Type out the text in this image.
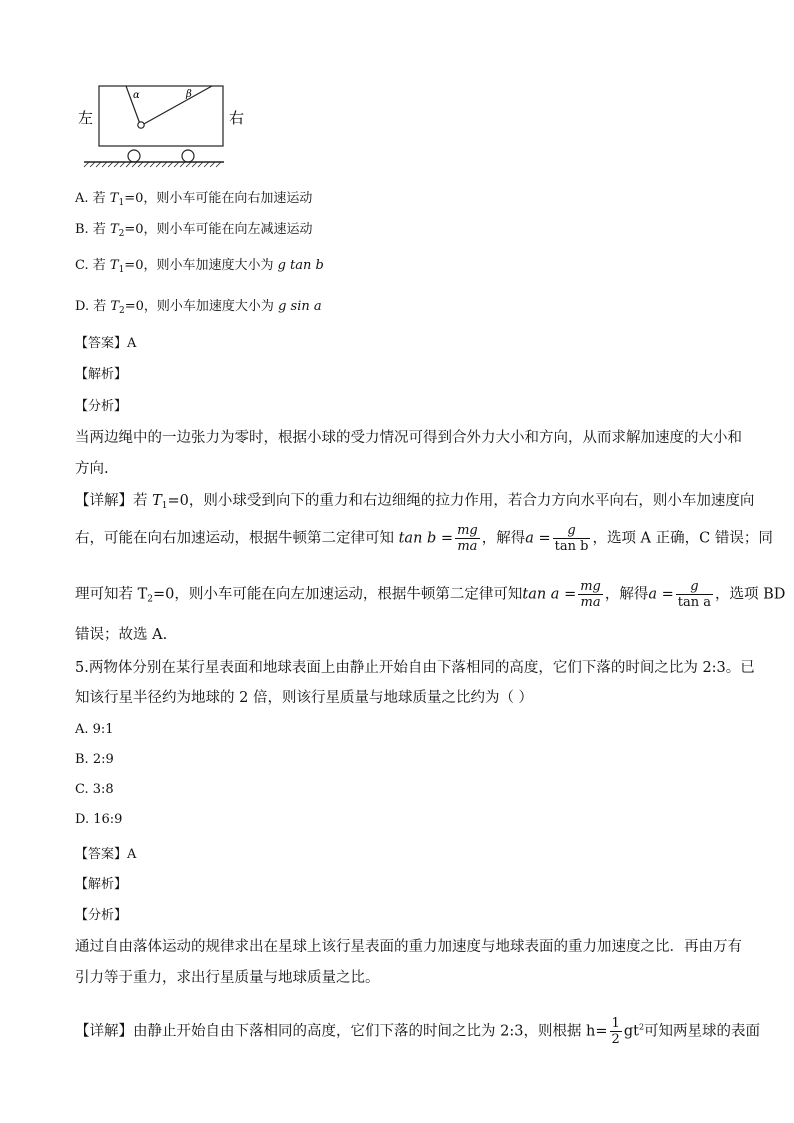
α	β
左	右
A. 若 $T_1=0$，则小车可能在向右加速运动
B. 若 $T_2=0$，则小车可能在向左减速运动
C. 若 $T_1=0$，则小车加速度大小为 g tan b
D. 若 $T_2=0$，则小车加速度大小为 g sin a
【答案】A
【解析】
【分析】
当两边绳中的一边张力为零时，根据小球的受力情况可得到合外力大小和方向，从而求解加速度的大小和
方向.
【详解】若 $T_1=0$，则小球受到向下的重力和右边细绳的拉力作用，若合力方向水平向右，则小车加速度向
右，可能在向右加速运动，根据牛顿第二定律可知 $\tan b = \frac{mg}{ma}$ ，解得$a = \frac{g}{\text{tan b}}$ ，选项 A 正确，C 错误；同
理可知若 $T_2=0$，则小车可能在向左加速运动，根据牛顿第二定律可知$\tan a = \frac{mg}{ma}$ ，解得$a = \frac{g}{\text{tan a}}$ ，选项 BD
错误；故选 A.
5.两物体分别在某行星表面和地球表面上由静止开始自由下落相同的高度，它们下落的时间之比为 2:3。已
知该行星半径约为地球的 2 倍，则该行星质量与地球质量之比约为（ ）
A. 9:1
B. 2:9
C. 3:8
D. 16:9
【答案】A
【解析】
【分析】
通过自由落体运动的规律求出在星球上该行星表面的重力加速度与地球表面的重力加速度之比．再由万有
引力等于重力，求出行星质量与地球质量之比。
【详解】由静止开始自由下落相同的高度，它们下落的时间之比为 2:3，则根据 $h= \frac{1}{2} gt^2$可知两星球的表面
